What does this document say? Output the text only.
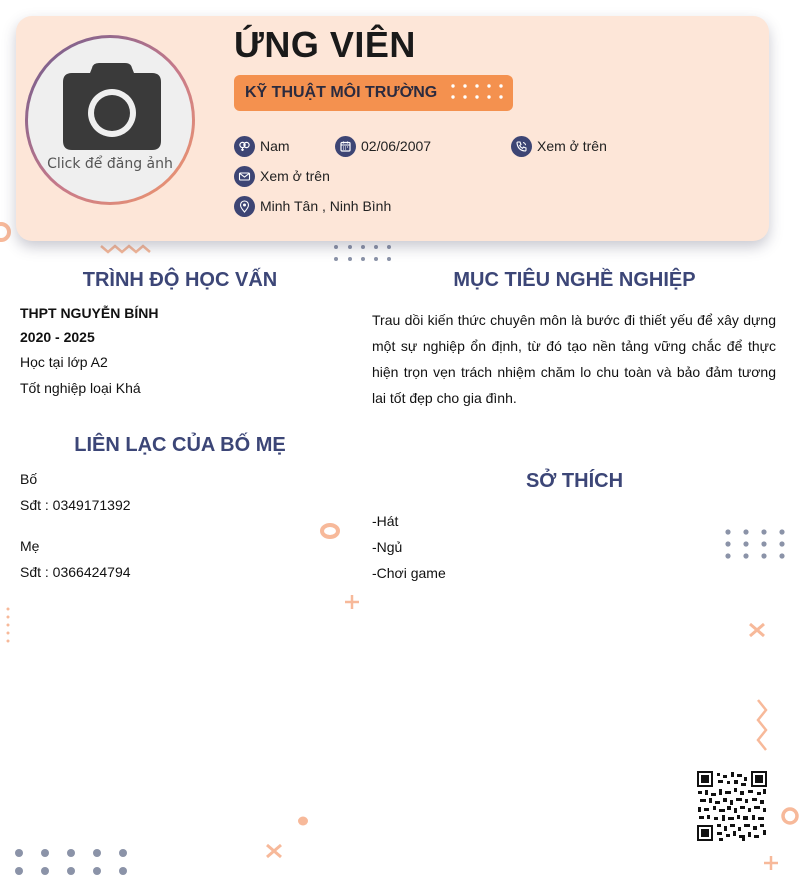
Click để đăng ảnh
ỨNG VIÊN
KỸ THUẬT MÔI TRƯỜNG
Nam	02/06/2007	Xem ở trên
Xem ở trên
Minh Tân , Ninh Bình
TRÌNH ĐỘ HỌC VẤN
THPT NGUYỄN BÍNH
2020 - 2025
Học tại lớp A2
Tốt nghiệp loại Khá
LIÊN LẠC CỦA BỐ MẸ
Bố
Sđt : 0349171392
Mẹ
Sđt : 0366424794
MỤC TIÊU NGHỀ NGHIỆP
Trau dồi kiến thức chuyên môn là bước đi thiết yếu để xây dựng một sự nghiệp ổn định, từ đó tạo nền tảng vững chắc để thực hiện trọn vẹn trách nhiệm chăm lo chu toàn và bảo đảm tương lai tốt đẹp cho gia đình.
SỞ THÍCH
-Hát
-Ngủ
-Chơi game
